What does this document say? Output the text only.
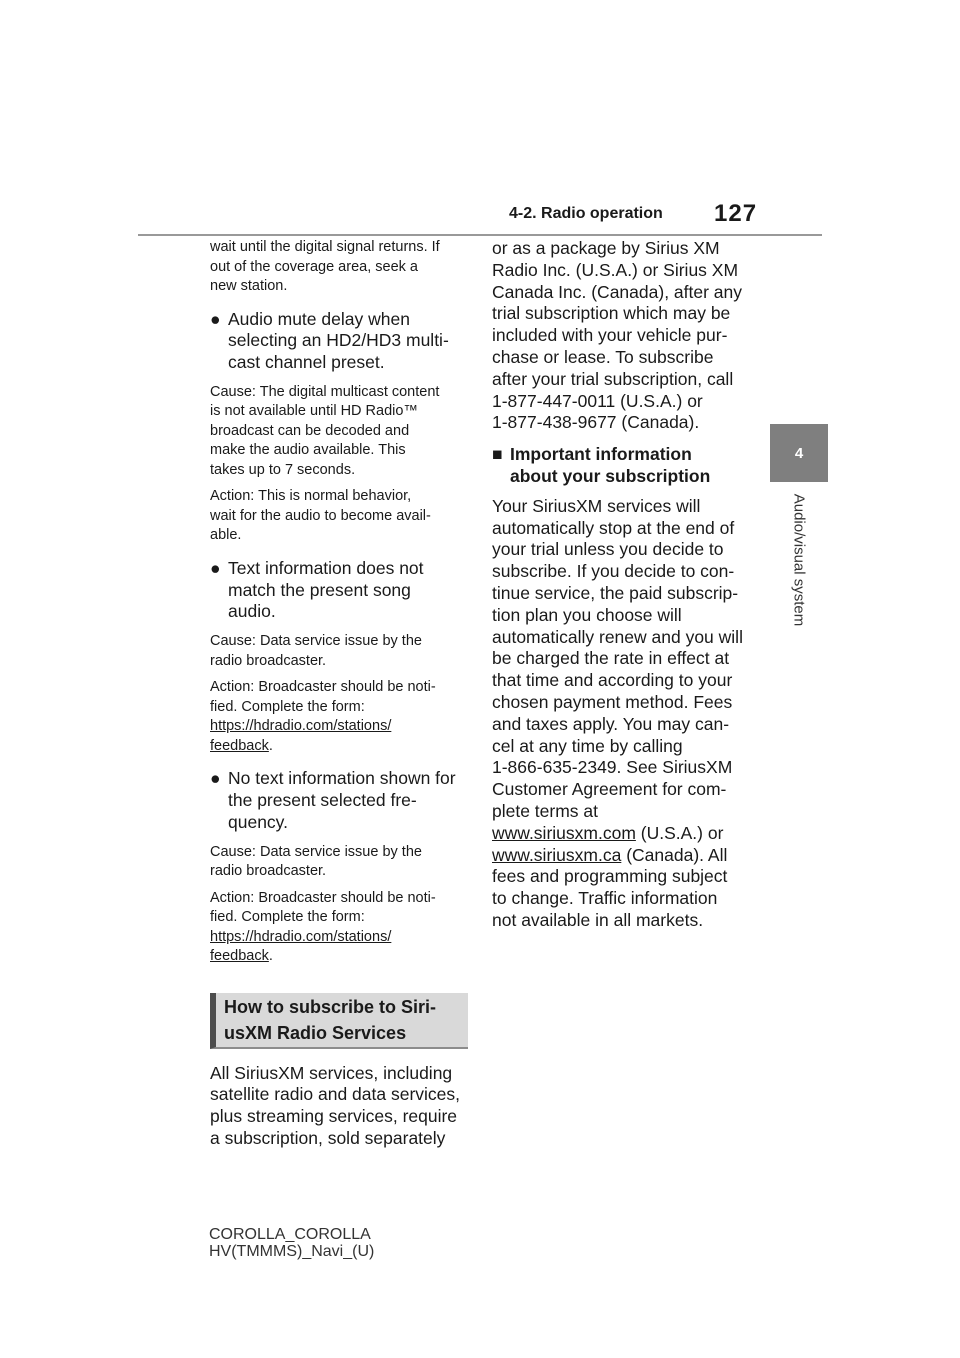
4-2. Radio operation 127
4
Audio/visual system

wait until the digital signal returns. If
out of the coverage area, seek a
new station.

● Audio mute delay when
selecting an HD2/HD3 multi-
cast channel preset.

Cause: The digital multicast content
is not available until HD Radio™
broadcast can be decoded and
make the audio available. This
takes up to 7 seconds.

Action: This is normal behavior,
wait for the audio to become avail-
able.

● Text information does not
match the present song
audio.

Cause: Data service issue by the
radio broadcaster.

Action: Broadcaster should be noti-
fied. Complete the form:
https://hdradio.com/stations/
feedback.

● No text information shown for
the present selected fre-
quency.

Cause: Data service issue by the
radio broadcaster.

Action: Broadcaster should be noti-
fied. Complete the form:
https://hdradio.com/stations/
feedback.

How to subscribe to Siri-
usXM Radio Services

All SiriusXM services, including
satellite radio and data services,
plus streaming services, require
a subscription, sold separately

or as a package by Sirius XM
Radio Inc. (U.S.A.) or Sirius XM
Canada Inc. (Canada), after any
trial subscription which may be
included with your vehicle pur-
chase or lease. To subscribe
after your trial subscription, call
1-877-447-0011 (U.S.A.) or
1-877-438-9677 (Canada).

■ Important information
about your subscription

Your SiriusXM services will
automatically stop at the end of
your trial unless you decide to
subscribe. If you decide to con-
tinue service, the paid subscrip-
tion plan you choose will
automatically renew and you will
be charged the rate in effect at
that time and according to your
chosen payment method. Fees
and taxes apply. You may can-
cel at any time by calling
1-866-635-2349. See SiriusXM
Customer Agreement for com-
plete terms at
www.siriusxm.com (U.S.A.) or
www.siriusxm.ca (Canada). All
fees and programming subject
to change. Traffic information
not available in all markets.

COROLLA_COROLLA
HV(TMMMS)_Navi_(U)
